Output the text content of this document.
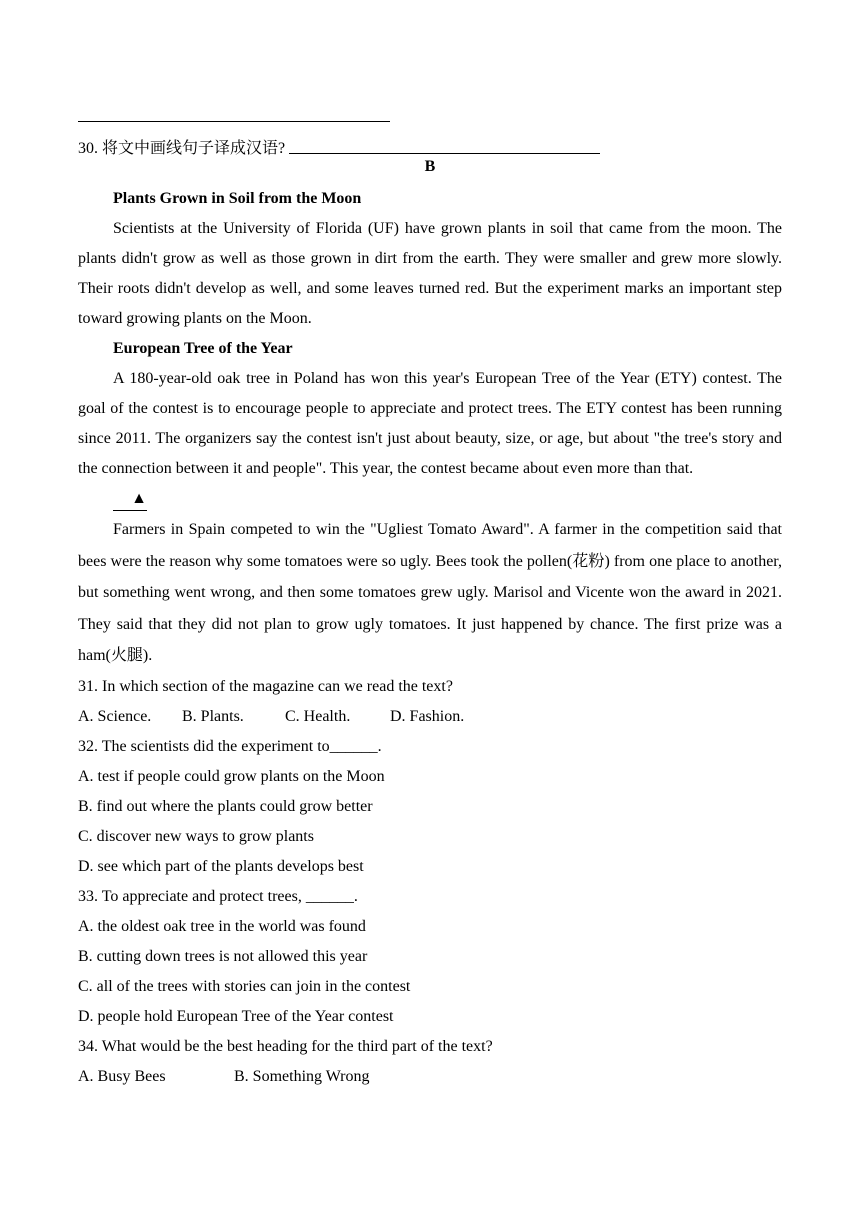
30. 将文中画线句子译成汉语?
B

Plants Grown in Soil from the Moon

Scientists at the University of Florida (UF) have grown plants in soil that came from the moon. The plants didn't grow as well as those grown in dirt from the earth. They were smaller and grew more slowly. Their roots didn't develop as well, and some leaves turned red. But the experiment marks an important step toward growing plants on the Moon.

European Tree of the Year

A 180-year-old oak tree in Poland has won this year's European Tree of the Year (ETY) contest. The goal of the contest is to encourage people to appreciate and protect trees. The ETY contest has been running since 2011. The organizers say the contest isn't just about beauty, size, or age, but about "the tree's story and the connection between it and people". This year, the contest became about even more than that.

▲

Farmers in Spain competed to win the "Ugliest Tomato Award". A farmer in the competition said that bees were the reason why some tomatoes were so ugly. Bees took the pollen(花粉) from one place to another, but something went wrong, and then some tomatoes grew ugly. Marisol and Vicente won the award in 2021. They said that they did not plan to grow ugly tomatoes. It just happened by chance. The first prize was a ham(火腿).

31. In which section of the magazine can we read the text?

A. Science. B. Plants.	C. Health. D. Fashion.

32. The scientists did the experiment to______.

A. test if people could grow plants on the Moon

B. find out where the plants could grow better

C. discover new ways to grow plants

D. see which part of the plants develops best

33. To appreciate and protect trees, ______.

A. the oldest oak tree in the world was found

B. cutting down trees is not allowed this year

C. all of the trees with stories can join in the contest

D. people hold European Tree of the Year contest

34. What would be the best heading for the third part of the text?

A. Busy Bees	B. Something Wrong
